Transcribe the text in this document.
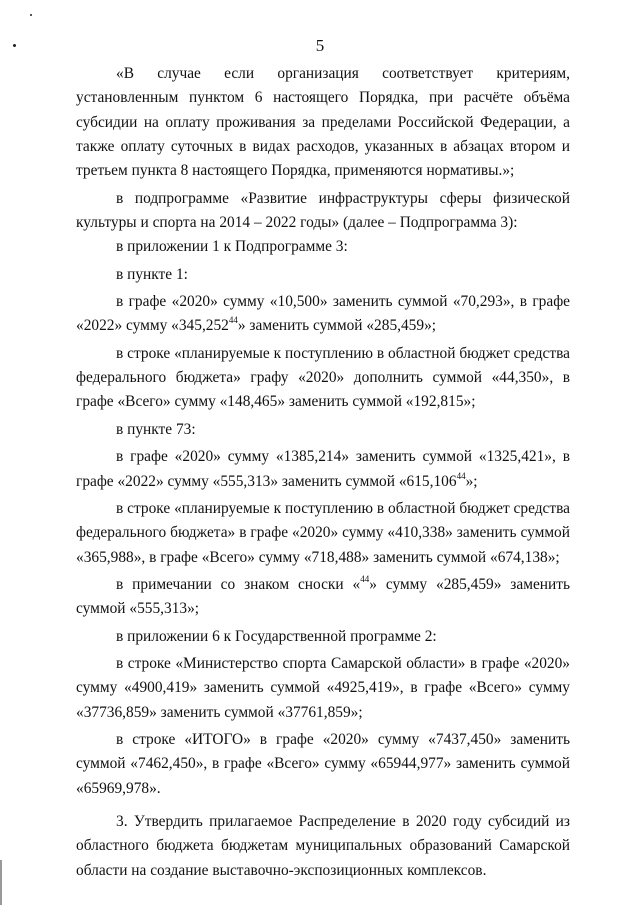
5

«В случае если организация соответствует критериям, установленным пунктом 6 настоящего Порядка, при расчёте объёма субсидии на оплату проживания за пределами Российской Федерации, а также оплату суточных в видах расходов, указанных в абзацах втором и третьем пункта 8 настоящего Порядка, применяются нормативы.»;

в подпрограмме «Развитие инфраструктуры сферы физической культуры и спорта на 2014 – 2022 годы» (далее – Подпрограмма 3):

в приложении 1 к Подпрограмме 3:

в пункте 1:

в графе «2020» сумму «10,500» заменить суммой «70,293», в графе «2022» сумму «345,252$^{44}$» заменить суммой «285,459»;

в строке «планируемые к поступлению в областной бюджет средства федерального бюджета» графу «2020» дополнить суммой «44,350», в графе «Всего» сумму «148,465» заменить суммой «192,815»;

в пункте 73:

в графе «2020» сумму «1385,214» заменить суммой «1325,421», в графе «2022» сумму «555,313» заменить суммой «615,106$^{44}$»;

в строке «планируемые к поступлению в областной бюджет средства федерального бюджета» в графе «2020» сумму «410,338» заменить суммой «365,988», в графе «Всего» сумму «718,488» заменить суммой «674,138»;

в примечании со знаком сноски «$^{44}$» сумму «285,459» заменить суммой «555,313»;

в приложении 6 к Государственной программе 2:

в строке «Министерство спорта Самарской области» в графе «2020» сумму «4900,419» заменить суммой «4925,419», в графе «Всего» сумму «37736,859» заменить суммой «37761,859»;

в строке «ИТОГО» в графе «2020» сумму «7437,450» заменить суммой «7462,450», в графе «Всего» сумму «65944,977» заменить суммой «65969,978».

3. Утвердить прилагаемое Распределение в 2020 году субсидий из областного бюджета бюджетам муниципальных образований Самарской области на создание выставочно-экспозиционных комплексов.
